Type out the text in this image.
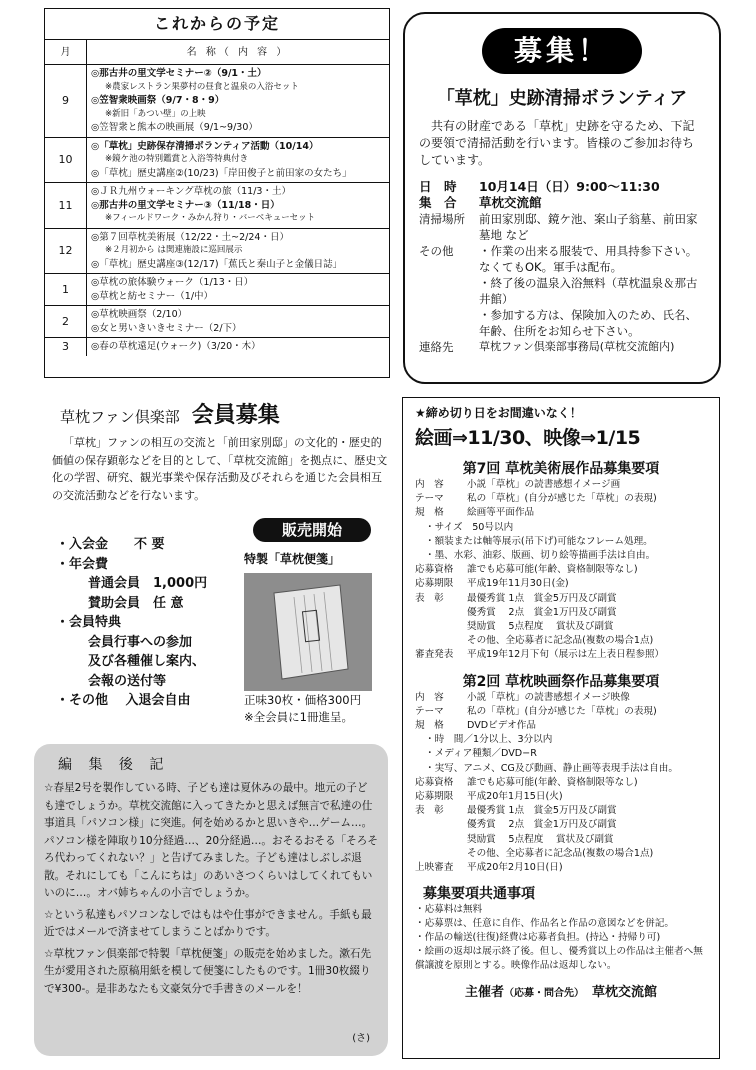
これからの予定
月	名 称（ 内 容 ）
9
◎那古井の里文学セミナー②（9/1・土）
※農家レストラン果夢村の昼食と温泉の入浴セット
◎笠智衆映画祭（9/7・8・9）
※新旧「あつい壁」の上映
◎笠智衆と熊本の映画展（9/1~9/30）
10
◎「草枕」史跡保存清掃ボランティア活動（10/14）
※鏡ケ池の特別鑑賞と入浴等特典付き
◎「草枕」歴史講座②(10/23)「岸田俊子と前田家の女たち」
11
◎ＪＲ九州ウォーキング草枕の旅（11/3・土）
◎那古井の里文学セミナー③（11/18・日）
※フィールドワーク・みかん狩り・バーベキューセット
12
◎第７回草枕美術展（12/22・土~2/24・日）
※２月初から は関連施設に巡回展示
◎「草枕」歴史講座③(12/17)「蕉氏と秦山子と金儀日誌」
1
◎草枕の旅体験ウォーク（1/13・日）
◎草枕と紡セミナー（1/中）
2
◎草枕映画祭（2/10）
◎女と男いきいきセミナー（2/下）
3	◎春の草枕遠足(ウォーク)（3/20・木）
募集！
「草枕」史跡清掃ボランティア
共有の財産である「草枕」史跡を守るため、下記の要領で清掃活動を行います。皆様のご参加お待ちしています。
日　時	10月14日（日）9:00～11:30
集　合	草枕交流館
清掃場所	前田家別邸、鏡ケ池、案山子翁墓、前田家墓地 など
その他	・作業の出来る服装で、用具持参下さい。なくてもOK。軍手は配布。
・終了後の温泉入浴無料（草枕温泉＆那古井館）
・参加する方は、保険加入のため、氏名、年齢、住所をお知らせ下さい。
連絡先	草枕ファン倶楽部事務局(草枕交流館内)
草枕ファン倶楽部 会員募集
「草枕」ファンの相互の交流と「前田家別邸」の文化的・歴史的価値の保存顕彰などを目的として、「草枕交流館」を拠点に、歴史文化の学習、研究、観光事業や保存活動及びそれらを通じた会員相互の交流活動などを行ないます。
・入会金　　不 要
・年会費
普通会員　1,000円
賛助会員　任 意
・会員特典
会員行事への参加
及び各種催し案内、
会報の送付等
・その他　 入退会自由
販売開始
特製「草枕便箋」
正味30枚・価格300円
※全会員に1冊進呈。
編 集 後 記

☆春星2号を製作している時、子ども達は夏休みの最中。地元の子ども達でしょうか。草枕交流館に入ってきたかと思えば無言で私達の仕事道具「パソコン様」に突進。何を始めるかと思いきや…ゲーム…。パソコン様を陣取り10分経過…、20分経過…。おそるおそる「そろそろ代わってくれない？」と告げてみました。子ども達はしぶしぶ退散。それにしても「こんにちは」のあいさつくらいはしてくれてもいいのに…。オバ姉ちゃんの小言でしょうか。

☆という私達もパソコンなしではもはや仕事ができません。手紙も最近ではメールで済ませてしまうことばかりです。

☆草枕ファン倶楽部で特製「草枕便箋」の販売を始めました。漱石先生が愛用された原稿用紙を模して便箋にしたものです。1冊30枚綴りで¥300-。是非あなたも文豪気分で手書きのメールを！

(さ)
★締め切り日をお間違いなく！
絵画⇒11/30、映像⇒1/15
第7回 草枕美術展作品募集要項
内　容	小説「草枕」の読書感想イメージ画
テーマ	私の「草枕」(自分が感じた「草枕」の表現)
規　格	絵画等平面作品
・サイズ　50号以内
・額装または軸等展示(吊下げ)可能なフレーム処理。
・墨、水彩、油彩、版画、切り絵等描画手法は自由。
応募資格	誰でも応募可能(年齢、資格制限等なし)
応募期限	平成19年11月30日(金)
表　彰	最優秀賞 1点　賞金5万円及び副賞
優秀賞　 2点　賞金1万円及び副賞
奨励賞　 5点程度　 賞状及び副賞
その他、全応募者に記念品(複数の場合1点)
審査発表	平成19年12月下旬（展示は左上表日程参照）
第2回 草枕映画祭作品募集要項
内　容	小説「草枕」の読書感想イメージ映像
テーマ	私の「草枕」(自分が感じた「草枕」の表現)
規　格	DVDビデオ作品
・時　間／1分以上、3分以内
・メディア種類／DVD−R
・実写、アニメ、CG及び動画、静止画等表現手法は自由。
応募資格	誰でも応募可能(年齢、資格制限等なし)
応募期限	平成20年1月15日(火)
表　彰	最優秀賞 1点　賞金5万円及び副賞
優秀賞　 2点　賞金1万円及び副賞
奨励賞　 5点程度　 賞状及び副賞
その他、全応募者に記念品(複数の場合1点)
上映審査	平成20年2月10日(日)
募集要項共通事項
・応募料は無料
・応募票は、任意に自作、作品名と作品の意図などを併記。
・作品の輸送(往復)経費は応募者負担。(持込・持帰り可)
・絵画の返却は展示終了後。但し、優秀賞以上の作品は主催者へ無償譲渡を原則とする。映像作品は返却しない。
主催者（応募・問合先）　 草枕交流館
